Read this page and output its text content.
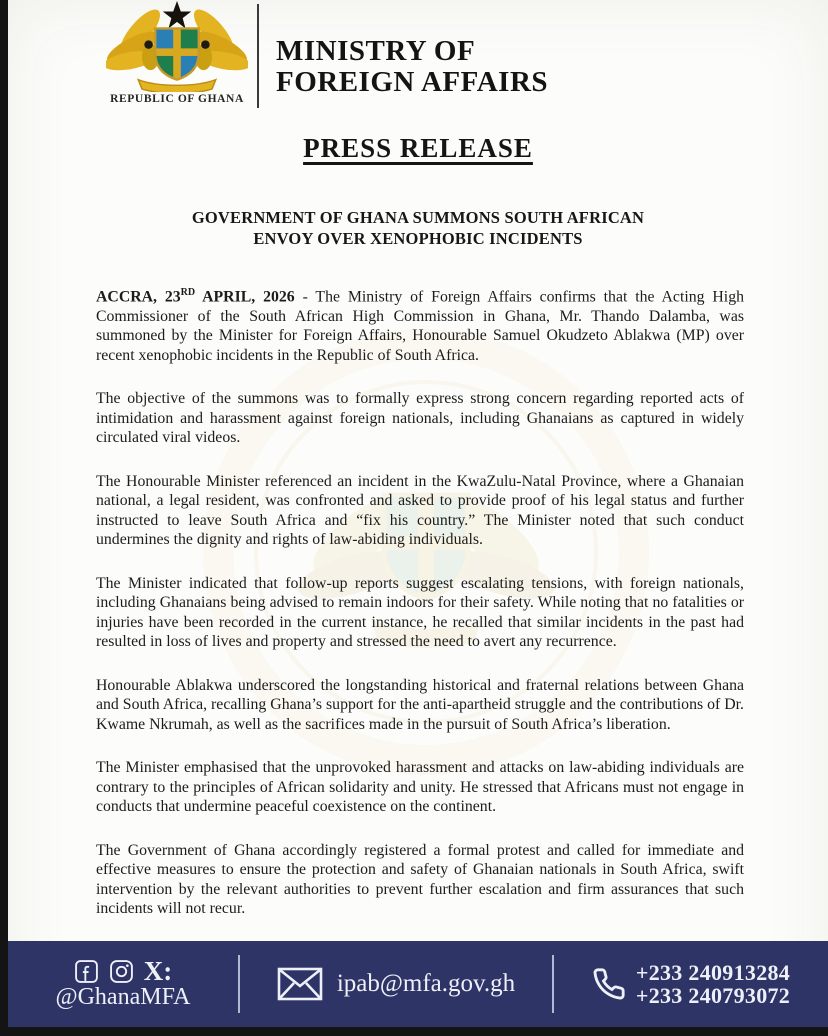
REPUBLIC OF GHANA
MINISTRY OF
FOREIGN AFFAIRS
PRESS RELEASE
GOVERNMENT OF GHANA SUMMONS SOUTH AFRICAN
ENVOY OVER XENOPHOBIC INCIDENTS

ACCRA, 23RD APRIL, 2026 - The Ministry of Foreign Affairs confirms that the Acting High Commissioner of the South African High Commission in Ghana, Mr. Thando Dalamba, was summoned by the Minister for Foreign Affairs, Honourable Samuel Okudzeto Ablakwa (MP) over recent xenophobic incidents in the Republic of South Africa.

The objective of the summons was to formally express strong concern regarding reported acts of intimidation and harassment against foreign nationals, including Ghanaians as captured in widely circulated viral videos.

The Honourable Minister referenced an incident in the KwaZulu-Natal Province, where a Ghanaian national, a legal resident, was confronted and asked to provide proof of his legal status and further instructed to leave South Africa and “fix his country.” The Minister noted that such conduct undermines the dignity and rights of law-abiding individuals.

The Minister indicated that follow-up reports suggest escalating tensions, with foreign nationals, including Ghanaians being advised to remain indoors for their safety. While noting that no fatalities or injuries have been recorded in the current instance, he recalled that similar incidents in the past had resulted in loss of lives and property and stressed the need to avert any recurrence.

Honourable Ablakwa underscored the longstanding historical and fraternal relations between Ghana and South Africa, recalling Ghana’s support for the anti-apartheid struggle and the contributions of Dr. Kwame Nkrumah, as well as the sacrifices made in the pursuit of South Africa’s liberation.

The Minister emphasised that the unprovoked harassment and attacks on law-abiding individuals are contrary to the principles of African solidarity and unity. He stressed that Africans must not engage in conducts that undermine peaceful coexistence on the continent.

The Government of Ghana accordingly registered a formal protest and called for immediate and effective measures to ensure the protection and safety of Ghanaian nationals in South Africa, swift intervention by the relevant authorities to prevent further escalation and firm assurances that such incidents will not recur.

X:
@GhanaMFA	ipab@mfa.gov.gh	+233 240913284
+233 240793072
